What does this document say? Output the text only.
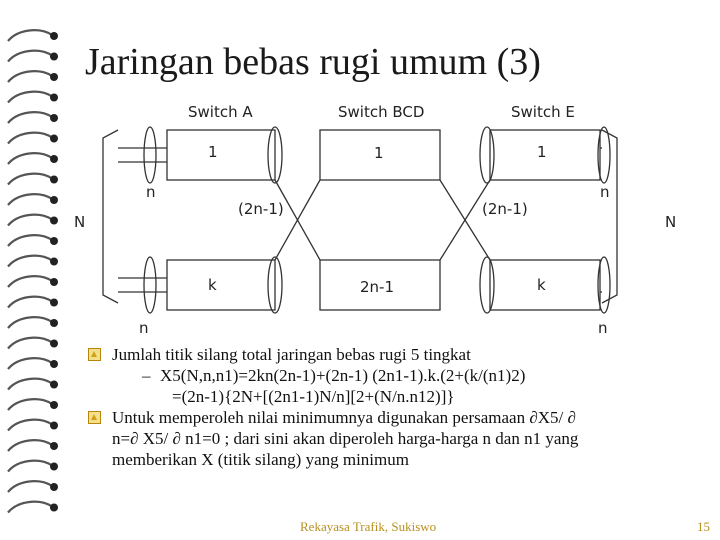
Jaringan bebas rugi umum (3)
Switch A	Switch BCD	Switch E
1	1	1
n	n
(2n-1)	(2n-1)
N	N
k	2n-1	k
n	n
Jumlah titik silang total jaringan bebas rugi 5 tingkat
– X5(N,n,n1)=2kn(2n-1)+(2n-1) (2n1-1).k.(2+(k/(n1)2)
=(2n-1){2N+[(2n1-1)N/n][2+(N/n.n12)]}
Untuk memperoleh nilai minimumnya digunakan persamaan ∂X5/ ∂
n=∂ X5/ ∂ n1=0 ; dari sini akan diperoleh harga-harga n dan n1 yang
memberikan X (titik silang) yang minimum
Rekayasa Trafik, Sukiswo	15
